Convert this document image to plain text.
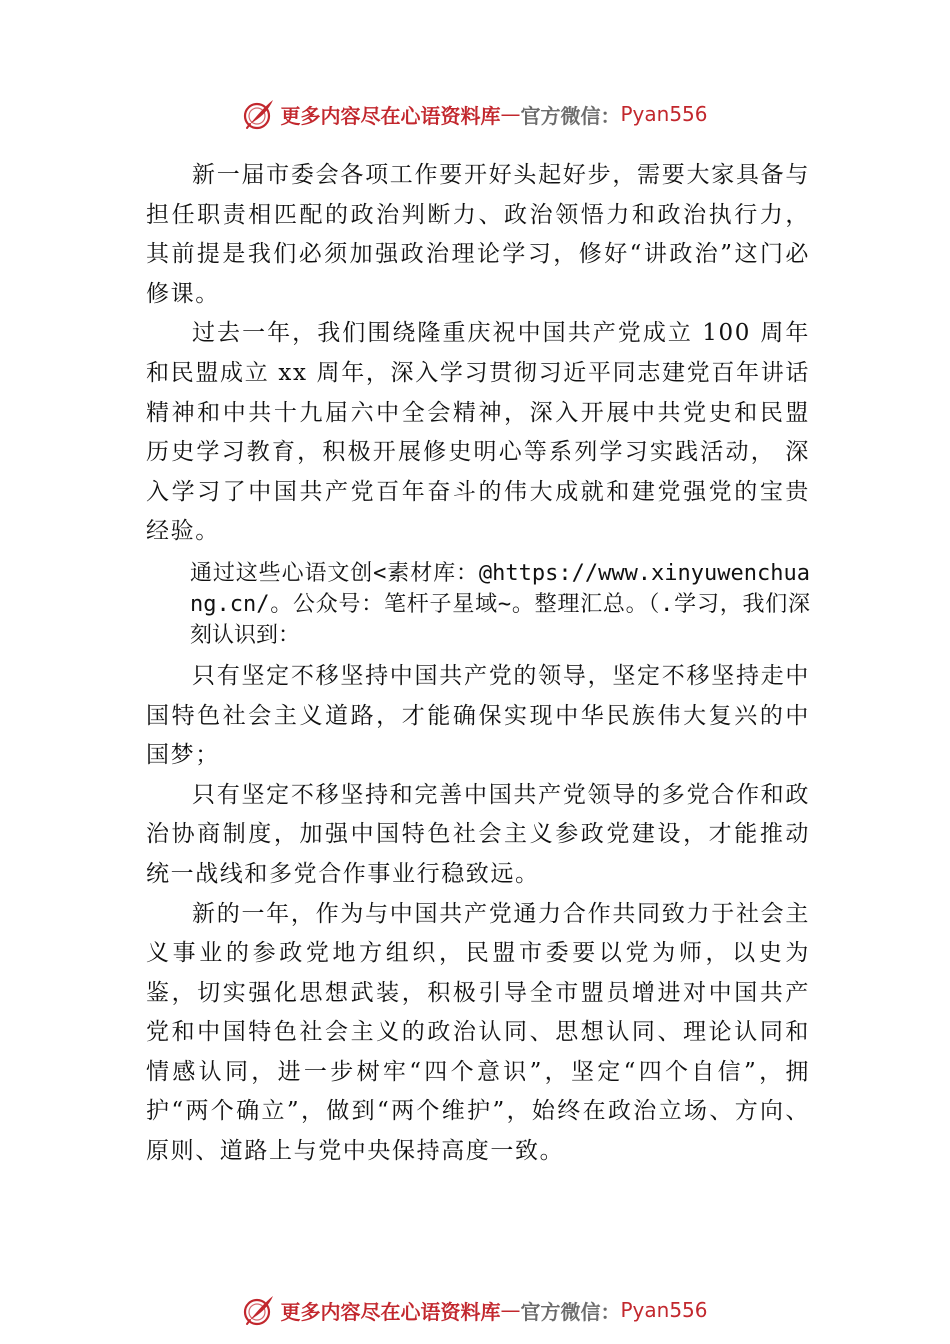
更多内容尽在心语资料库 — 官方微信： Pyan556

新一届市委会各项工作要开好头起好步，需要大家具备与担任职责相匹配的政治判断力、政治领悟力和政治执行力，其前提是我们必须加强政治理论学习，修好“讲政治”这门必修课。

过去一年，我们围绕隆重庆祝中国共产党成立 100 周年和民盟成立 xx 周年，深入学习贯彻习近平同志建党百年讲话精神和中共十九届六中全会精神，深入开展中共党史和民盟历史学习教育，积极开展修史明心等系列学习实践活动， 深入学习了中国共产党百年奋斗的伟大成就和建党强党的宝贵经验。

通过这些心语文创<素材库：@https://www.xinyuwenchuang.cn/。公众号：笔杆子星域~。整理汇总。（.学习，我们深刻认识到：

只有坚定不移坚持中国共产党的领导，坚定不移坚持走中国特色社会主义道路，才能确保实现中华民族伟大复兴的中国梦；

只有坚定不移坚持和完善中国共产党领导的多党合作和政治协商制度，加强中国特色社会主义参政党建设，才能推动统一战线和多党合作事业行稳致远。

新的一年，作为与中国共产党通力合作共同致力于社会主义事业的参政党地方组织，民盟市委要以党为师，以史为鉴，切实强化思想武装，积极引导全市盟员增进对中国共产党和中国特色社会主义的政治认同、思想认同、理论认同和情感认同，进一步树牢“四个意识”，坚定“四个自信”，拥护“两个确立”，做到“两个维护”，始终在政治立场、方向、原则、道路上与党中央保持高度一致。

更多内容尽在心语资料库 — 官方微信： Pyan556
